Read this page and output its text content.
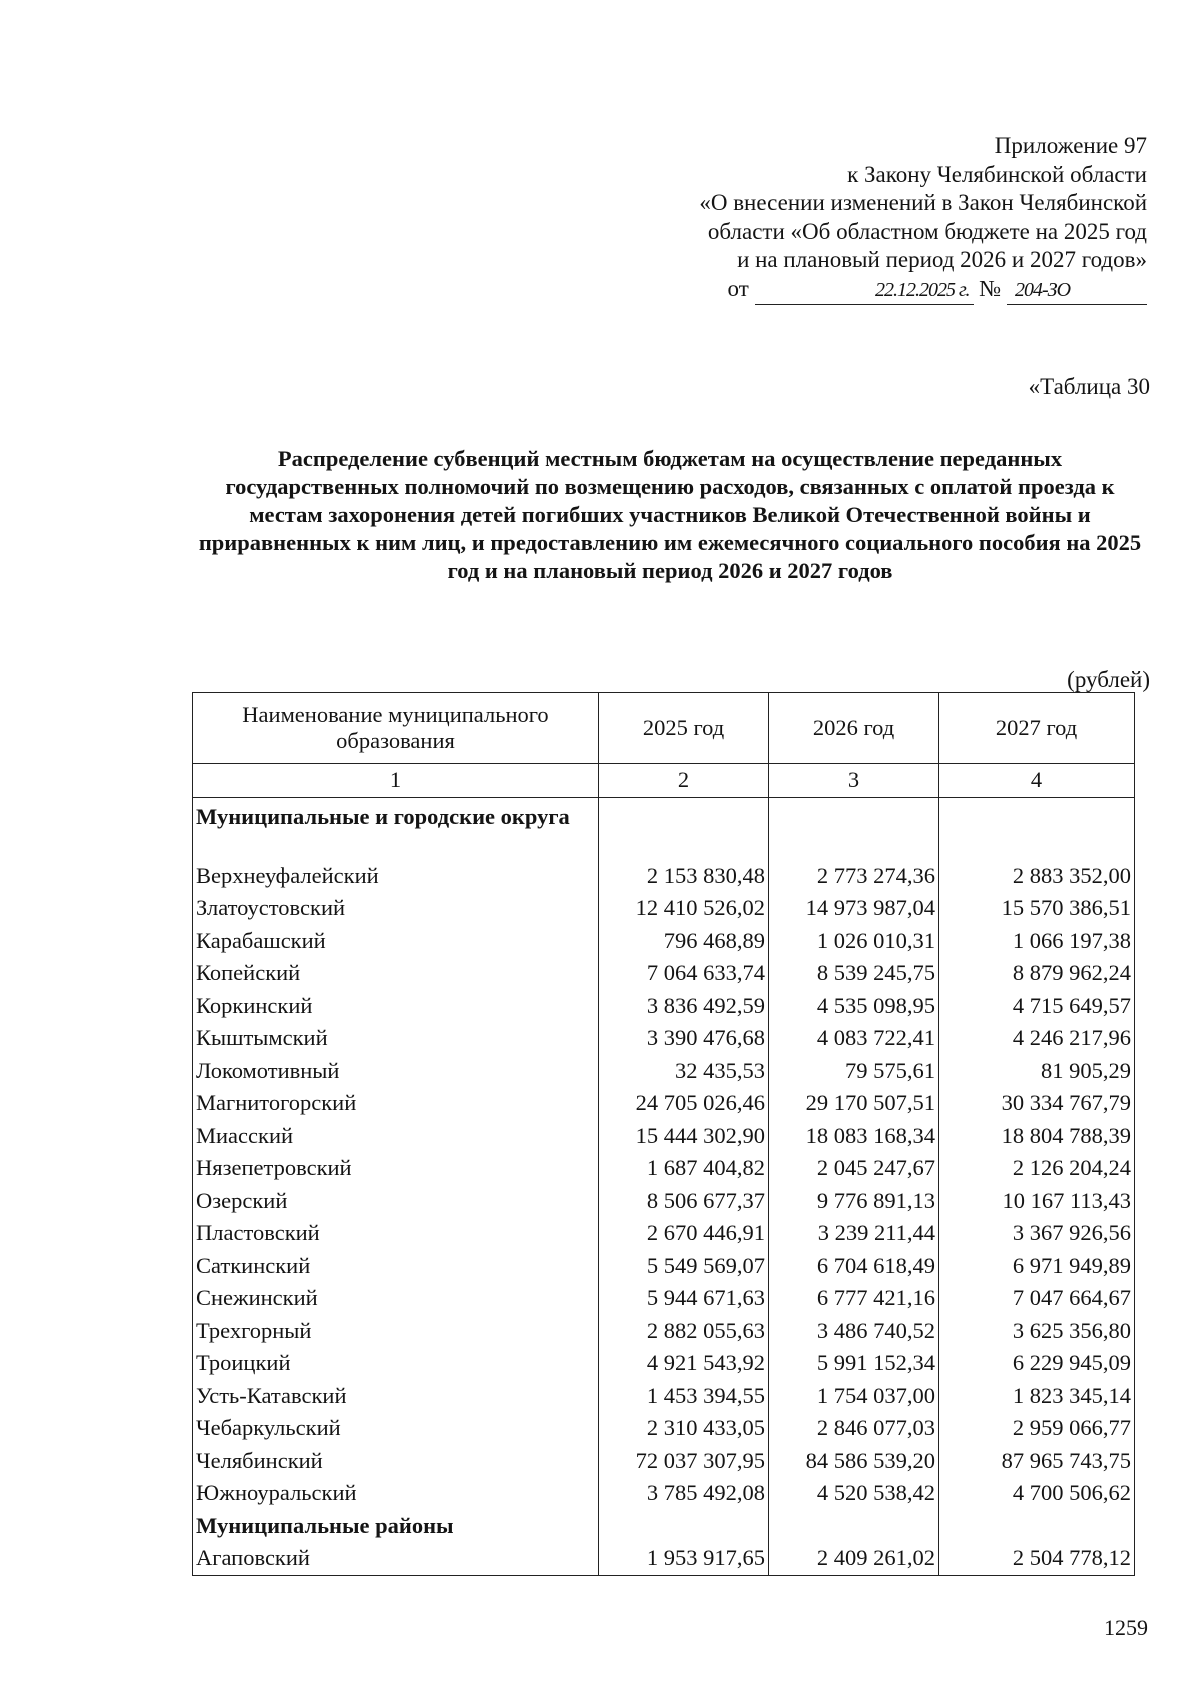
Приложение 97
к Закону Челябинской области
«О внесении изменений в Закон Челябинской
области «Об областном бюджете на 2025 год
и на плановый период 2026 и 2027 годов»
от	22.12.2025 г. № 204-ЗО
«Таблица 30
Распределение субвенций местным бюджетам на осуществление переданных государственных полномочий по возмещению расходов, связанных с оплатой проезда к местам захоронения детей погибших участников Великой Отечественной войны и приравненных к ним лиц, и предоставлению им ежемесячного социального пособия на 2025 год и на плановый период 2026 и 2027 годов
(рублей)
Наименование муниципального образования	2025 год	2026 год	2027 год
1	2	3	4
Муниципальные и городские округа			
Верхнеуфалейский	2 153 830,48	2 773 274,36	2 883 352,00
Златоустовский	12 410 526,02	14 973 987,04	15 570 386,51
Карабашский	796 468,89	1 026 010,31	1 066 197,38
Копейский	7 064 633,74	8 539 245,75	8 879 962,24
Коркинский	3 836 492,59	4 535 098,95	4 715 649,57
Кыштымский	3 390 476,68	4 083 722,41	4 246 217,96
Локомотивный	32 435,53	79 575,61	81 905,29
Магнитогорский	24 705 026,46	29 170 507,51	30 334 767,79
Миасский	15 444 302,90	18 083 168,34	18 804 788,39
Нязепетровский	1 687 404,82	2 045 247,67	2 126 204,24
Озерский	8 506 677,37	9 776 891,13	10 167 113,43
Пластовский	2 670 446,91	3 239 211,44	3 367 926,56
Саткинский	5 549 569,07	6 704 618,49	6 971 949,89
Снежинский	5 944 671,63	6 777 421,16	7 047 664,67
Трехгорный	2 882 055,63	3 486 740,52	3 625 356,80
Троицкий	4 921 543,92	5 991 152,34	6 229 945,09
Усть-Катавский	1 453 394,55	1 754 037,00	1 823 345,14
Чебаркульский	2 310 433,05	2 846 077,03	2 959 066,77
Челябинский	72 037 307,95	84 586 539,20	87 965 743,75
Южноуральский	3 785 492,08	4 520 538,42	4 700 506,62
Муниципальные районы			
Агаповский	1 953 917,65	2 409 261,02	2 504 778,12
1259
